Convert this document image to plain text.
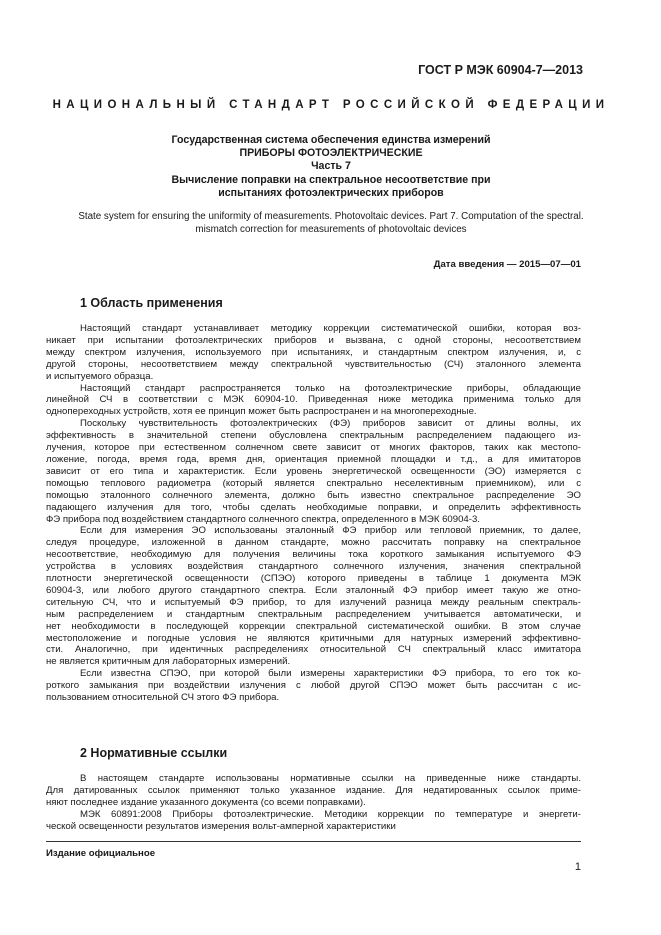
ГОСТ Р МЭК 60904-7—2013
НАЦИОНАЛЬНЫЙ СТАНДАРТ РОССИЙСКОЙ ФЕДЕРАЦИИ
Государственная система обеспечения единства измерений
ПРИБОРЫ ФОТОЭЛЕКТРИЧЕСКИЕ
Часть 7
Вычисление поправки на спектральное несоответствие при
испытаниях фотоэлектрических приборов
State system for ensuring the uniformity of measurements. Photovoltaic devices. Part 7. Computation of the spectral.
mismatch correction for measurements of photovoltaic devices
Дата введения — 2015—07—01
1 Область применения

Настоящий стандарт устанавливает методику коррекции систематической ошибки, которая воз-
никает при испытании фотоэлектрических приборов и вызвана, с одной стороны, несоответствием
между спектром излучения, используемого при испытаниях, и стандартным спектром излучения, и, с
другой стороны, несоответствием между спектральной чувствительностью (СЧ) эталонного элемента
и испытуемого образца.

Настоящий стандарт распространяется только на фотоэлектрические приборы, обладающие
линейной СЧ в соответствии с МЭК 60904-10. Приведенная ниже методика применима только для
однопереходных устройств, хотя ее принцип может быть распространен и на многопереходные.

Поскольку чувствительность фотоэлектрических (ФЭ) приборов зависит от длины волны, их
эффективность в значительной степени обусловлена спектральным распределением падающего из-
лучения, которое при естественном солнечном свете зависит от многих факторов, таких как местопо-
ложение, погода, время года, время дня, ориентация приемной площадки и т.д., а для имитаторов
зависит от его типа и характеристик. Если уровень энергетической освещенности (ЭО) измеряется с
помощью теплового радиометра (который является спектрально неселективным приемником), или с
помощью эталонного солнечного элемента, должно быть известно спектральное распределение ЭО
падающего излучения для того, чтобы сделать необходимые поправки, и определить эффективность
ФЭ прибора под воздействием стандартного солнечного спектра, определенного в МЭК 60904-3.

Если для измерения ЭО использованы эталонный ФЭ прибор или тепловой приемник, то далее,
следуя процедуре, изложенной в данном стандарте, можно рассчитать поправку на спектральное
несоответствие, необходимую для получения величины тока короткого замыкания испытуемого ФЭ
устройства в условиях воздействия стандартного солнечного излучения, значения спектральной
плотности энергетической освещенности (СПЭО) которого приведены в таблице 1 документа МЭК
60904-3, или любого другого стандартного спектра. Если эталонный ФЭ прибор имеет такую же отно-
сительную СЧ, что и испытуемый ФЭ прибор, то для излучений разница между реальным спектраль-
ным распределением и стандартным спектральным распределением учитывается автоматически, и
нет необходимости в последующей коррекции спектральной систематической ошибки. В этом случае
местоположение и погодные условия не являются критичными для натурных измерений эффективно-
сти. Аналогично, при идентичных распределениях относительной СЧ спектральный класс имитатора
не является критичным для лабораторных измерений.

Если известна СПЭО, при которой были измерены характеристики ФЭ прибора, то его ток ко-
роткого замыкания при воздействии излучения с любой другой СПЭО может быть рассчитан с ис-
пользованием относительной СЧ этого ФЭ прибора.

2 Нормативные ссылки

В настоящем стандарте использованы нормативные ссылки на приведенные ниже стандарты.
Для датированных ссылок применяют только указанное издание. Для недатированных ссылок приме-
няют последнее издание указанного документа (со всеми поправками).

МЭК 60891:2008 Приборы фотоэлектрические. Методики коррекции по температуре и энергети-
ческой освещенности результатов измерения вольт-амперной характеристики

Издание официальное
1
